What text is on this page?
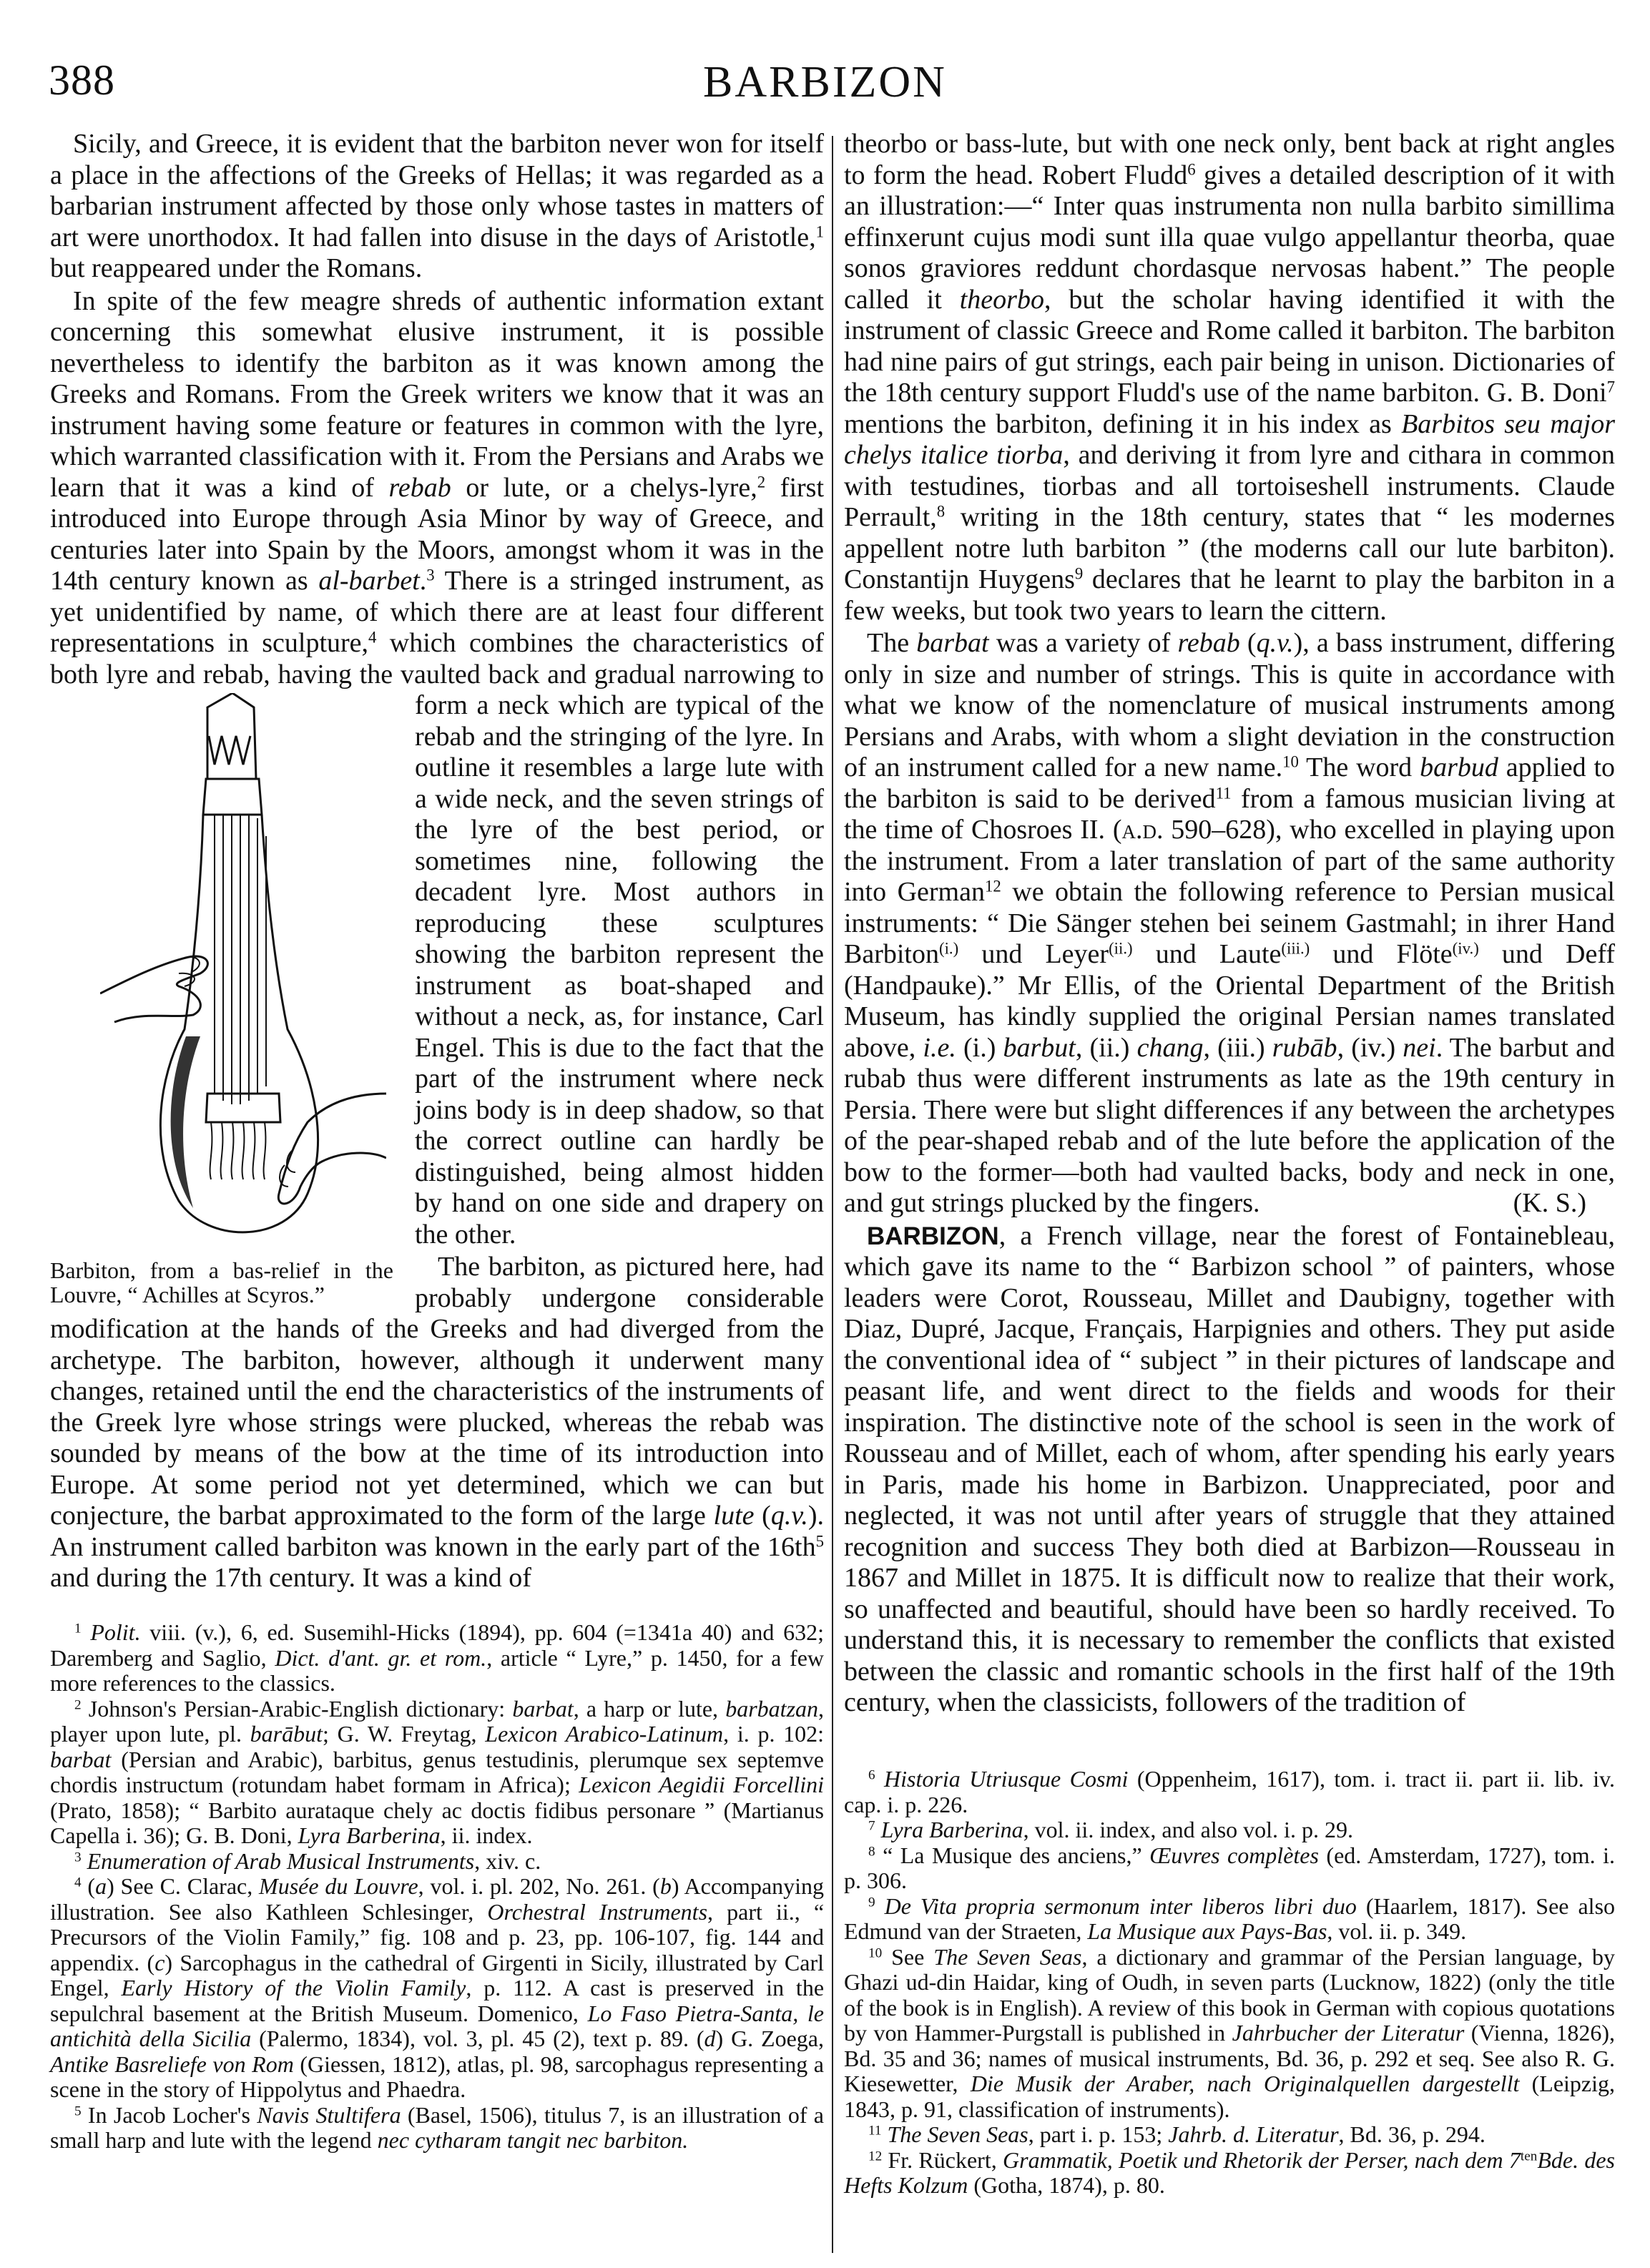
388	BARBIZON

Sicily, and Greece, it is evident that the barbiton never won for itself a place in the affections of the Greeks of Hellas; it was regarded as a barbarian instrument affected by those only whose tastes in matters of art were unorthodox. It had fallen into disuse in the days of Aristotle,$^1$ but reappeared under the Romans.

In spite of the few meagre shreds of authentic information extant concerning this somewhat elusive instrument, it is possible nevertheless to identify the barbiton as it was known among the Greeks and Romans. From the Greek writers we know that it was an instrument having some feature or features in common with the lyre, which warranted classification with it. From the Persians and Arabs we learn that it was a kind of rebab or lute, or a chelys-lyre,$^2$ first introduced into Europe through Asia Minor by way of Greece, and centuries later into Spain by the Moors, amongst whom it was in the 14th century known as al-barbet.$^3$ There is a stringed instrument, as yet unidentified by name, of which there are at least four different representations in sculpture,$^4$ which combines the characteristics of both lyre and rebab, having the vaulted back and gradual narrowing to

Barbiton, from a bas-relief in the Louvre, “ Achilles at Scyros.”
form a neck which are typical of the rebab and the stringing of the lyre. In outline it resembles a large lute with a wide neck, and the seven strings of the lyre of the best period, or sometimes nine, following the decadent lyre. Most authors in reproducing these sculptures showing the barbiton represent the instrument as boat-shaped and without a neck, as, for instance, Carl Engel. This is due to the fact that the part of the instrument where neck joins body is in deep shadow, so that the correct outline can hardly be distinguished, being almost hidden by hand on one side and drapery on the other.

The barbiton, as pictured here, had probably undergone considerable modification at the hands of the Greeks and had diverged from the archetype. The barbiton, however, although it underwent many changes, retained until the end the characteristics of the instruments of the Greek lyre whose strings were plucked, whereas the rebab was sounded by means of the bow at the time of its introduction into Europe. At some period not yet determined, which we can but conjecture, the barbat approximated to the form of the large lute (q.v.). An instrument called barbiton was known in the early part of the $16th^5$ and during the 17th century. It was a kind of

$^1$ Polit. viii. (v.), 6, ed. Susemihl-Hicks (1894), pp. 604 (=1341a 40) and 632; Daremberg and Saglio, Dict. d'ant. gr. et rom., article “ Lyre,” p. 1450, for a few more references to the classics.

$^2$ Johnson's Persian-Arabic-English dictionary: barbat, a harp or lute, barbatzan, player upon lute, pl. barābut; G. W. Freytag, Lexicon Arabico-Latinum, i. p. 102: barbat (Persian and Arabic), barbitus, genus testudinis, plerumque sex septemve chordis instructum (rotundam habet formam in Africa); Lexicon Aegidii Forcellini (Prato, 1858); “ Barbito aurataque chely ac doctis fidibus personare ” (Martianus Capella i. 36); G. B. Doni, Lyra Barberina, ii. index.

$^3$ Enumeration of Arab Musical Instruments, xiv. c.

$^4$ (a) See C. Clarac, Musée du Louvre, vol. i. pl. 202, No. 261. (b) Accompanying illustration. See also Kathleen Schlesinger, Orchestral Instruments, part ii., “ Precursors of the Violin Family,” fig. 108 and p. 23, pp. 106-107, fig. 144 and appendix. (c) Sarcophagus in the cathedral of Girgenti in Sicily, illustrated by Carl Engel, Early History of the Violin Family, p. 112. A cast is preserved in the sepulchral basement at the British Museum. Domenico, Lo Faso Pietra-Santa, le antichità della Sicilia (Palermo, 1834), vol. 3, pl. 45 (2), text p. 89. (d) G. Zoega, Antike Basreliefe von Rom (Giessen, 1812), atlas, pl. 98, sarcophagus representing a scene in the story of Hippolytus and Phaedra.

$^5$ In Jacob Locher's Navis Stultifera (Basel, 1506), titulus 7, is an illustration of a small harp and lute with the legend nec cytharam tangit nec barbiton.

theorbo or bass-lute, but with one neck only, bent back at right angles to form the head. Robert Fludd$^6$ gives a detailed description of it with an illustration:—“ Inter quas instrumenta non nulla barbito simillima effinxerunt cujus modi sunt illa quae vulgo appellantur theorba, quae sonos graviores reddunt chordasque nervosas habent.” The people called it theorbo, but the scholar having identified it with the instrument of classic Greece and Rome called it barbiton. The barbiton had nine pairs of gut strings, each pair being in unison. Dictionaries of the 18th century support Fludd's use of the name barbiton. G. B. Doni$^7$ mentions the barbiton, defining it in his index as Barbitos seu major chelys italice tiorba, and deriving it from lyre and cithara in common with testudines, tiorbas and all tortoiseshell instruments. Claude Perrault,$^8$ writing in the 18th century, states that “ les modernes appellent notre luth barbiton ” (the moderns call our lute barbiton). Constantijn Huygens$^9$ declares that he learnt to play the barbiton in a few weeks, but took two years to learn the cittern.

The barbat was a variety of rebab (q.v.), a bass instrument, differing only in size and number of strings. This is quite in accordance with what we know of the nomenclature of musical instruments among Persians and Arabs, with whom a slight deviation in the construction of an instrument called for a new name.$^{10}$ The word barbud applied to the barbiton is said to be derived$^{11}$ from a famous musician living at the time of Chosroes II. (a.d. 590–628), who excelled in playing upon the instrument. From a later translation of part of the same authority into German$^{12}$ we obtain the following reference to Persian musical instruments: “ Die Sänger stehen bei seinem Gastmahl; in ihrer Hand Barbiton$^{(i.)}$ und Leyer$^{(ii.)}$ und Laute$^{(iii.)}$ und Flöte$^{(iv.)}$ und Deff (Handpauke).” Mr Ellis, of the Oriental Department of the British Museum, has kindly supplied the original Persian names translated above, i.e. (i.) barbut, (ii.) chang, (iii.) rubāb, (iv.) nei. The barbut and rubab thus were different instruments as late as the 19th century in Persia. There were but slight differences if any between the archetypes of the pear-shaped rebab and of the lute before the application of the bow to the former—both had vaulted backs, body and neck in one, and gut strings plucked by the fingers.	(K. S.)

BARBIZON, a French village, near the forest of Fontainebleau, which gave its name to the “ Barbizon school ” of painters, whose leaders were Corot, Rousseau, Millet and Daubigny, together with Diaz, Dupré, Jacque, Français, Harpignies and others. They put aside the conventional idea of “ subject ” in their pictures of landscape and peasant life, and went direct to the fields and woods for their inspiration. The distinctive note of the school is seen in the work of Rousseau and of Millet, each of whom, after spending his early years in Paris, made his home in Barbizon. Unappreciated, poor and neglected, it was not until after years of struggle that they attained recognition and success They both died at Barbizon—Rousseau in 1867 and Millet in 1875. It is difficult now to realize that their work, so unaffected and beautiful, should have been so hardly received. To understand this, it is necessary to remember the conflicts that existed between the classic and romantic schools in the first half of the 19th century, when the classicists, followers of the tradition of

$^6$ Historia Utriusque Cosmi (Oppenheim, 1617), tom. i. tract ii. part ii. lib. iv. cap. i. p. 226.

$^7$ Lyra Barberina, vol. ii. index, and also vol. i. p. 29.

$^8$ “ La Musique des anciens,” Œuvres complètes (ed. Amsterdam, 1727), tom. i. p. 306.

$^9$ De Vita propria sermonum inter liberos libri duo (Haarlem, 1817). See also Edmund van der Straeten, La Musique aux Pays-Bas, vol. ii. p. 349.

$^{10}$ See The Seven Seas, a dictionary and grammar of the Persian language, by Ghazi ud-din Haidar, king of Oudh, in seven parts (Lucknow, 1822) (only the title of the book is in English). A review of this book in German with copious quotations by von Hammer-Purgstall is published in Jahrbucher der Literatur (Vienna, 1826), Bd. 35 and 36; names of musical instruments, Bd. 36, p. 292 et seq. See also R. G. Kiesewetter, Die Musik der Araber, nach Originalquellen dargestellt (Leipzig, 1843, p. 91, classification of instruments).

$^{11}$ The Seven Seas, part i. p. 153; Jahrb. d. Literatur, Bd. 36, p. 294.

$^{12}$ Fr. Rückert, Grammatik, Poetik und Rhetorik der Perser, nach dem $7^{ten}Bde$. des Hefts Kolzum (Gotha, 1874), p. 80.
